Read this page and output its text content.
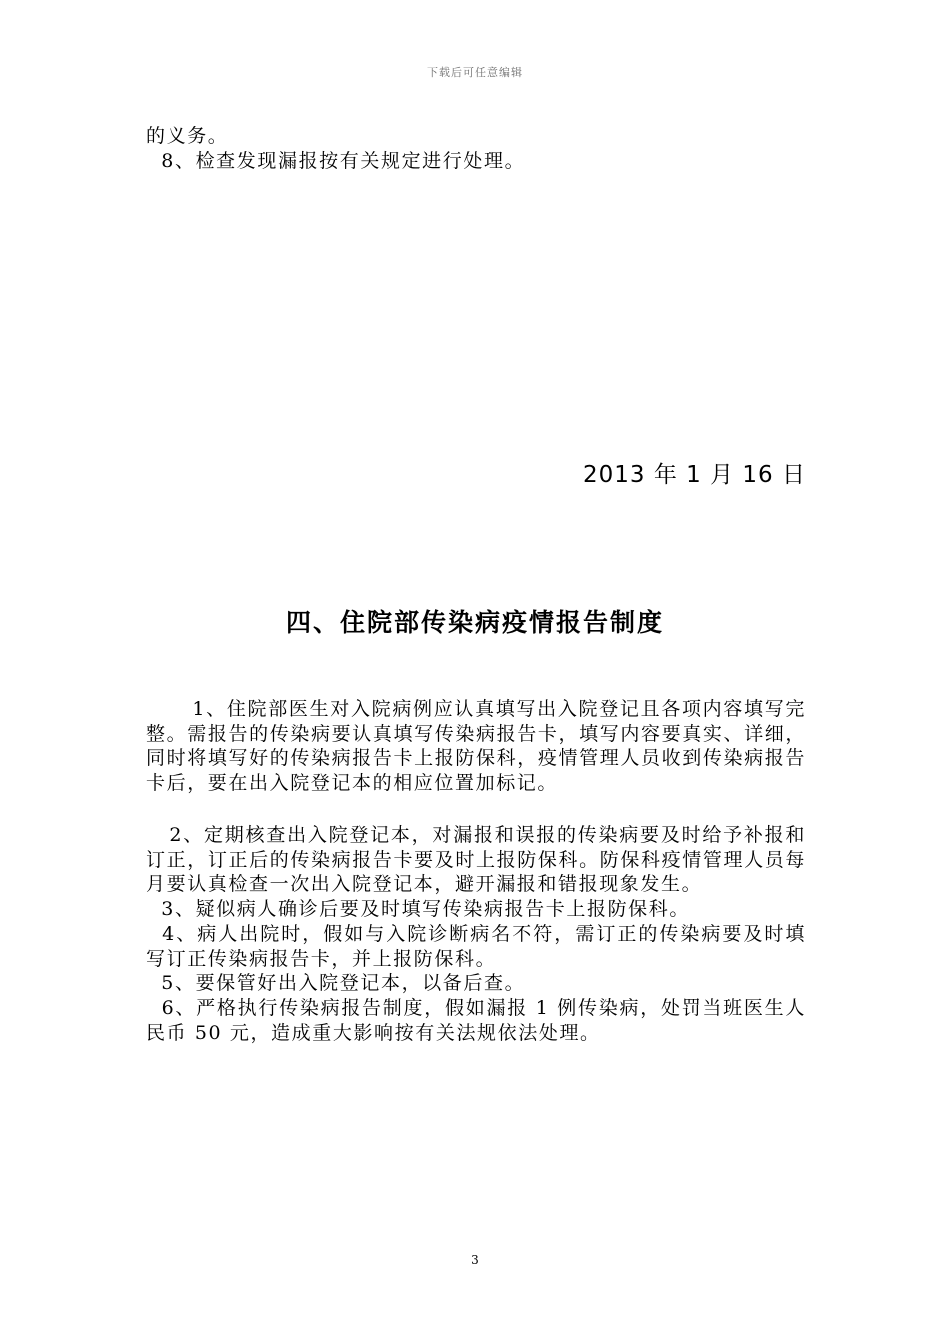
下载后可任意编辑

的义务。

8、检查发现漏报按有关规定进行处理。

2013 年 1 月 16 日
四、住院部传染病疫情报告制度

1、住院部医生对入院病例应认真填写出入院登记且各项内容填写完整。需报告的传染病要认真填写传染病报告卡，填写内容要真实、详细，同时将填写好的传染病报告卡上报防保科，疫情管理人员收到传染病报告卡后，要在出入院登记本的相应位置加标记。

2、定期核查出入院登记本，对漏报和误报的传染病要及时给予补报和订正，订正后的传染病报告卡要及时上报防保科。防保科疫情管理人员每月要认真检查一次出入院登记本，避开漏报和错报现象发生。

3、疑似病人确诊后要及时填写传染病报告卡上报防保科。

4、病人出院时，假如与入院诊断病名不符，需订正的传染病要及时填写订正传染病报告卡，并上报防保科。

5、要保管好出入院登记本，以备后查。

6、严格执行传染病报告制度，假如漏报 1 例传染病，处罚当班医生人民币 50 元，造成重大影响按有关法规依法处理。

3
